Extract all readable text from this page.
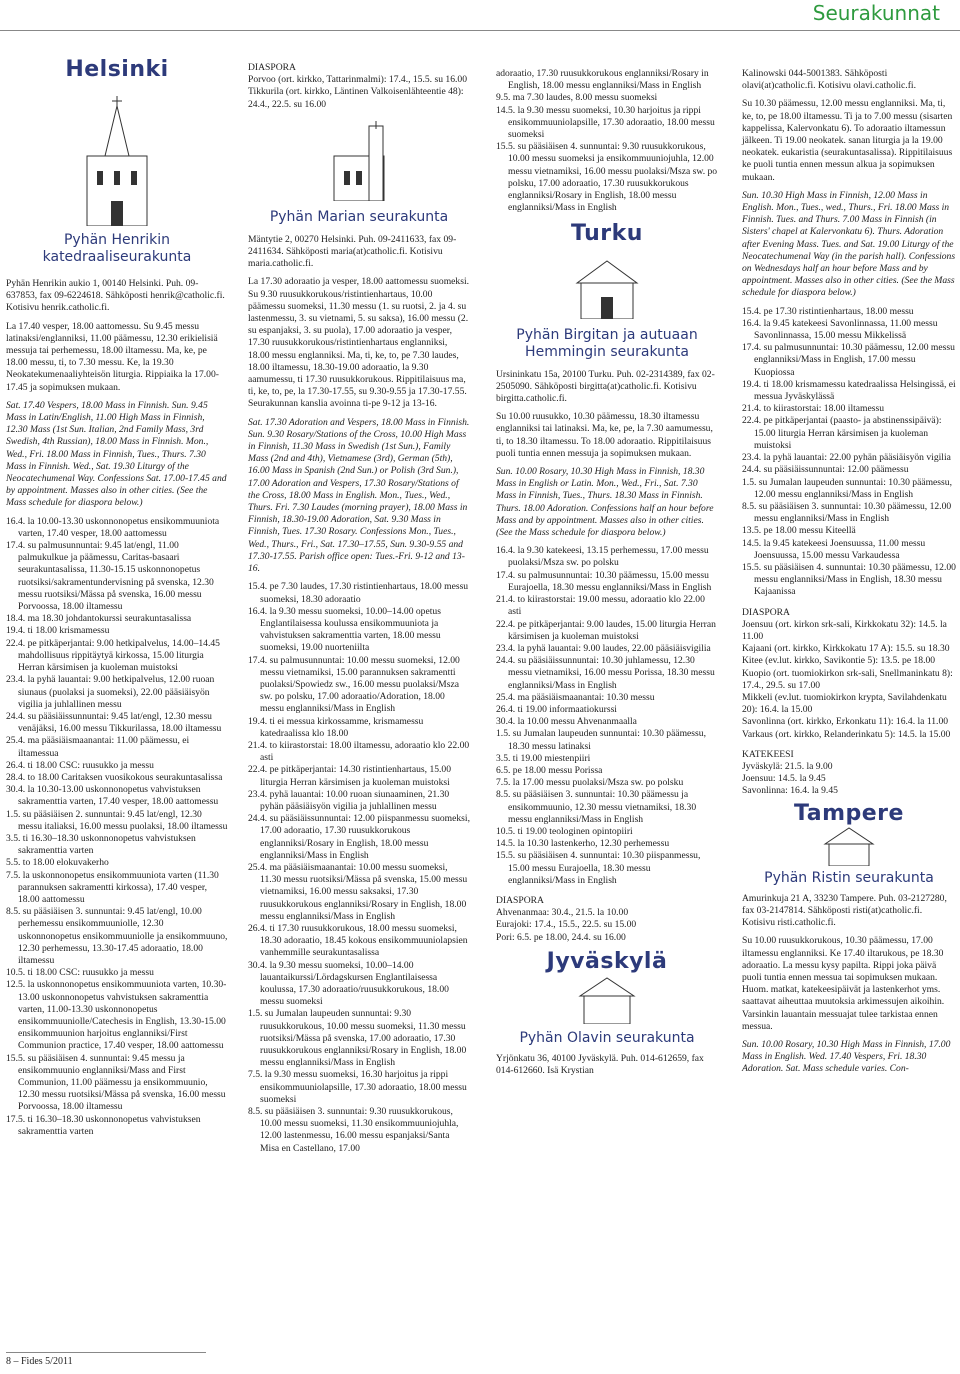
Seurakunnat
Helsinki
Pyhän Henrikin katedraaliseurakunta

Pyhän Henrikin aukio 1, 00140 Helsinki. Puh. 09-637853, fax 09-6224618. Sähköposti henrik@catholic.fi. Kotisivu henrik.catholic.fi.

La 17.40 vesper, 18.00 aattomessu. Su 9.45 messu latinaksi/englanniksi, 11.00 päämessu, 12.30 erikielisiä messuja tai perhemessu, 18.00 iltamessu. Ma, ke, pe 18.00 messu, ti, to 7.30 messu. Ke, la 19.30 Neokatekumenaaliyhteisön liturgia. Rippiaika la 17.00-17.45 ja sopimuksen mukaan.

Sat. 17.40 Vespers, 18.00 Mass in Finnish. Sun. 9.45 Mass in Latin/English, 11.00 High Mass in Finnish, 12.30 Mass (1st Sun. Italian, 2nd Family Mass, 3rd Swedish, 4th Russian), 18.00 Mass in Finnish. Mon., Wed., Fri. 18.00 Mass in Finnish, Tues., Thurs. 7.30 Mass in Finnish. Wed., Sat. 19.30 Liturgy of the Neocatechumenal Way. Confessions Sat. 17.00-17.45 and by appointment. Masses also in other cities. (See the Mass schedule for diaspora below.)

16.4. la 10.00-13.30 uskonnonopetus ensikommuuniota varten, 17.40 vesper, 18.00 aattomessu
17.4. su palmusunnuntai: 9.45 lat/engl, 11.00 palmukulkue ja päämessu, Caritas-basaari seurakuntasalissa, 11.30-15.15 uskonnonopetus ruotsiksi/sakramentundervisning på svenska, 12.30 messu ruotsiksi/Mässa på svenska, 16.00 messu Porvoossa, 18.00 iltamessu
18.4. ma 18.30 johdantokurssi seurakuntasalissa
19.4. ti 18.00 krismamessu
22.4. pe pitkäperjantai: 9.00 hetkipalvelus, 14.00–14.45 mahdollisuus rippitäytyä kirkossa, 15.00 liturgia Herran kärsimisen ja kuoleman muistoksi
23.4. la pyhä lauantai: 9.00 hetkipalvelus, 12.00 ruoan siunaus (puolaksi ja suomeksi), 22.00 pääsiäisyön vigilia ja juhlallinen messu
24.4. su pääsiäissunnuntai: 9.45 lat/engl, 12.30 messu venäjäksi, 16.00 messu Tikkurilassa, 18.00 iltamessu
25.4. ma pääsiäismaanantai: 11.00 päämessu, ei iltamessua
26.4. ti 18.00 CSC: ruusukko ja messu
28.4. to 18.00 Caritaksen vuosikokous seurakuntasalissa
30.4. la 10.30-13.00 uskonnonopetus vahvistuksen sakramenttia varten, 17.40 vesper, 18.00 aattomessu
1.5. su pääsiäisen 2. sunnuntai: 9.45 lat/engl, 12.30 messu italiaksi, 16.00 messu puolaksi, 18.00 iltamessu
3.5. ti 16.30–18.30 uskonnonopetus vahvistuksen sakramenttia varten
5.5. to 18.00 elokuvakerho
7.5. la uskonnonopetus ensikommuuniota varten (11.30 parannuksen sakramentti kirkossa), 17.40 vesper, 18.00 aattomessu
8.5. su pääsiäisen 3. sunnuntai: 9.45 lat/engl, 10.00 perhemessu ensikommuuniolle, 12.30 uskonnonopetus ensikommuuniolle ja ensikommuuno, 12.30 perhemessu, 13.30-17.45 adoraatio, 18.00 iltamessu
10.5. ti 18.00 CSC: ruusukko ja messu
12.5. la uskonnonopetus ensikommuuniota varten, 10.30-13.00 uskonnonopetus vahvistuksen sakramenttia varten, 11.00-13.30 uskonnonopetus ensikommuuniolle/Catechesis in English, 13.30-15.00 ensikommuunion harjoitus englanniksi/First Communion practice, 17.40 vesper, 18.00 aattomessu
15.5. su pääsiäisen 4. sunnuntai: 9.45 messu ja ensikommuunio englanniksi/Mass and First Communion, 11.00 päämessu ja ensikommuunio, 12.30 messu ruotsiksi/Mässa på svenska, 16.00 messu Porvoossa, 18.00 iltamessu
17.5. ti 16.30–18.30 uskonnonopetus vahvistuksen sakramenttia varten
DIASPORA

Porvoo (ort. kirkko, Tattarinmalmi): 17.4., 15.5. su 16.00 Tikkurila (ort. kirkko, Läntinen Valkoisenlähteentie 48): 24.4., 22.5. su 16.00

Pyhän Marian seurakunta

Mäntytie 2, 00270 Helsinki. Puh. 09-2411633, fax 09-2411634. Sähköposti maria(at)catholic.fi. Kotisivu maria.catholic.fi.

La 17.30 adoraatio ja vesper, 18.00 aattomessu suomeksi. Su 9.30 ruusukkorukous/ristintienhartaus, 10.00 päämessu suomeksi, 11.30 messu (1. su ruotsi, 2. ja 4. su lastenmessu, 3. su vietnami, 5. su saksa), 16.00 messu (2. su espanjaksi, 3. su puola), 17.00 adoraatio ja vesper, 17.30 ruusukkorukous/ristintienhartaus englanniksi, 18.00 messu englanniksi. Ma, ti, ke, to, pe 7.30 laudes, 18.00 iltamessu, 18.30-19.00 adoraatio, la 9.30 aamumessu, ti 17.30 ruusukkorukous. Rippitilaisuus ma, ti, ke, to, pe, la 17.30-17.55, su 9.30-9.55 ja 17.30-17.55. Seurakunnan kanslia avoinna ti-pe 9-12 ja 13-16.

Sat. 17.30 Adoration and Vespers, 18.00 Mass in Finnish. Sun. 9.30 Rosary/Stations of the Cross, 10.00 High Mass in Finnish, 11.30 Mass in Swedish (1st Sun.), Family Mass (2nd and 4th), Vietnamese (3rd), German (5th), 16.00 Mass in Spanish (2nd Sun.) or Polish (3rd Sun.), 17.00 Adoration and Vespers, 17.30 Rosary/Stations of the Cross, 18.00 Mass in English. Mon., Tues., Wed., Thurs. Fri. 7.30 Laudes (morning prayer), 18.00 Mass in Finnish, 18.30-19.00 Adoration, Sat. 9.30 Mass in Finnish, Tues. 17.30 Rosary. Confessions Mon., Tues., Wed., Thurs., Fri., Sat. 17.30–17.55, Sun. 9.30-9.55 and 17.30-17.55. Parish office open: Tues.-Fri. 9-12 and 13-16.

15.4. pe 7.30 laudes, 17.30 ristintienhartaus, 18.00 messu suomeksi, 18.30 adoraatio
16.4. la 9.30 messu suomeksi, 10.00–14.00 opetus Englantilaisessa koulussa ensikommuuniota ja vahvistuksen sakramenttia varten, 18.00 messu suomeksi, 19.00 nuorteniilta
17.4. su palmusunnuntai: 10.00 messu suomeksi, 12.00 messu vietnamiksi, 15.00 parannuksen sakramentti puolaksi/Spowiedz sw., 16.00 messu puolaksi/Msza sw. po polsku, 17.00 adoraatio/Adoration, 18.00 messu englanniksi/Mass in English
19.4. ti ei messua kirkossamme, krismamessu katedraalissa klo 18.00
21.4. to kiirastorstai: 18.00 iltamessu, adoraatio klo 22.00 asti
22.4. pe pitkäperjantai: 14.30 ristintienhartaus, 15.00 liturgia Herran kärsimisen ja kuoleman muistoksi
23.4. pyhä lauantai: 10.00 ruoan siunaaminen, 21.30 pyhän pääsiäisyön vigilia ja juhlallinen messu
24.4. su pääsiäissunnuntai: 12.00 piispanmessu suomeksi, 17.00 adoraatio, 17.30 ruusukkorukous englanniksi/Rosary in English, 18.00 messu englanniksi/Mass in English
25.4. ma pääsiäismaanantai: 10.00 messu suomeksi, 11.30 messu ruotsiksi/Mässa på svenska, 15.00 messu vietnamiksi, 16.00 messu saksaksi, 17.30 ruusukkorukous englanniksi/Rosary in English, 18.00 messu englanniksi/Mass in English
26.4. ti 17.30 ruusukkorukous, 18.00 messu suomeksi, 18.30 adoraatio, 18.45 kokous ensikommuuniolapsien vanhemmille seurakuntasalissa
30.4. la 9.30 messu suomeksi, 10.00–14.00 lauantaikurssi/Lördagskursen Englantilaisessa koulussa, 17.30 adoraatio/ruusukkorukous, 18.00 messu suomeksi
1.5. su Jumalan laupeuden sunnuntai: 9.30 ruusukkorukous, 10.00 messu suomeksi, 11.30 messu ruotsiksi/Mässa på svenska, 17.00 adoraatio, 17.30 ruusukkorukous englanniksi/Rosary in English, 18.00 messu englanniksi/Mass in English
7.5. la 9.30 messu suomeksi, 16.30 harjoitus ja rippi ensikommuuniolapsille, 17.30 adoraatio, 18.00 messu suomeksi
8.5. su pääsiäisen 3. sunnuntai: 9.30 ruusukkorukous, 10.00 messu suomeksi, 11.30 ensikommuuniojuhla, 12.00 lastenmessu, 16.00 messu espanjaksi/Santa Misa en Castellano, 17.00
adoraatio, 17.30 ruusukkorukous englanniksi/Rosary in English, 18.00 messu englanniksi/Mass in English
9.5. ma 7.30 laudes, 8.00 messu suomeksi
14.5. la 9.30 messu suomeksi, 10.30 harjoitus ja rippi ensikommuuniolapsille, 17.30 adoraatio, 18.00 messu suomeksi
15.5. su pääsiäisen 4. sunnuntai: 9.30 ruusukkorukous, 10.00 messu suomeksi ja ensikommuuniojuhla, 12.00 messu vietnamiksi, 16.00 messu puolaksi/Msza sw. po polsku, 17.00 adoraatio, 17.30 ruusukkorukous englanniksi/Rosary in English, 18.00 messu englanniksi/Mass in English
Turku
Pyhän Birgitan ja autuaan Hemmingin seurakunta

Ursininkatu 15a, 20100 Turku. Puh. 02-2314389, fax 02-2505090. Sähköposti birgitta(at)catholic.fi. Kotisivu birgitta.catholic.fi.

Su 10.00 ruusukko, 10.30 päämessu, 18.30 iltamessu englanniksi tai latinaksi. Ma, ke, pe, la 7.30 aamumessu, ti, to 18.30 iltamessu. To 18.00 adoraatio. Rippitilaisuus puoli tuntia ennen messuja ja sopimuksen mukaan.

Sun. 10.00 Rosary, 10.30 High Mass in Finnish, 18.30 Mass in English or Latin. Mon., Wed., Fri., Sat. 7.30 Mass in Finnish, Tues., Thurs. 18.30 Mass in Finnish. Thurs. 18.00 Adoration. Confessions half an hour before Mass and by appointment. Masses also in other cities. (See the Mass schedule for diaspora below.)

16.4. la 9.30 katekeesi, 13.15 perhemessu, 17.00 messu puolaksi/Msza sw. po polsku
17.4. su palmusunnuntai: 10.30 päämessu, 15.00 messu Eurajoella, 18.30 messu englanniksi/Mass in English
21.4. to kiirastorstai: 19.00 messu, adoraatio klo 22.00 asti
22.4. pe pitkäperjantai: 9.00 laudes, 15.00 liturgia Herran kärsimisen ja kuoleman muistoksi
23.4. la pyhä lauantai: 9.00 laudes, 22.00 pääsiäisvigilia
24.4. su pääsiäissunnuntai: 10.30 juhlamessu, 12.30 messu vietnamiksi, 16.00 messu Porissa, 18.30 messu englanniksi/Mass in English
25.4. ma pääsiäismaanantai: 10.30 messu
26.4. ti 19.00 informaatiokurssi
30.4. la 10.00 messu Ahvenanmaalla
1.5. su Jumalan laupeuden sunnuntai: 10.30 päämessu, 18.30 messu latinaksi
3.5. ti 19.00 miestenpiiri
6.5. pe 18.00 messu Porissa
7.5. la 17.00 messu puolaksi/Msza sw. po polsku
8.5. su pääsiäisen 3. sunnuntai: 10.30 päämessu ja ensikommuunio, 12.30 messu vietnamiksi, 18.30 messu englanniksi/Mass in English
10.5. ti 19.00 teologinen opintopiiri
14.5. la 10.30 lastenkerho, 12.30 perhemessu
15.5. su pääsiäisen 4. sunnuntai: 10.30 piispanmessu, 15.00 messu Eurajoella, 18.30 messu englanniksi/Mass in English
DIASPORA
Ahvenanmaa: 30.4., 21.5. la 10.00
Eurajoki: 17.4., 15.5., 22.5. su 15.00
Pori: 6.5. pe 18.00, 24.4. su 16.00
Jyväskylä
Pyhän Olavin seurakunta

Yrjönkatu 36, 40100 Jyväskylä. Puh. 014-612659, fax 014-612660. Isä Krystian

Kalinowski 044-5001383. Sähköposti olavi(at)catholic.fi. Kotisivu olavi.catholic.fi.

Su 10.30 päämessu, 12.00 messu englanniksi. Ma, ti, ke, to, pe 18.00 iltamessu. Ti ja to 7.00 messu (sisarten kappelissa, Kalervonkatu 6). To adoraatio iltamessun jälkeen. Ti 19.00 neokatek. sanan liturgia ja la 19.00 neokatek. eukaristia (seurakuntasalissa). Rippitilaisuus ke puoli tuntia ennen messun alkua ja sopimuksen mukaan.

Sun. 10.30 High Mass in Finnish, 12.00 Mass in English. Mon., Tues., wed., Thurs., Fri. 18.00 Mass in Finnish. Tues. and Thurs. 7.00 Mass in Finnish (in Sisters' chapel at Kalervonkatu 6). Thurs. Adoration after Evening Mass. Tues. and Sat. 19.00 Liturgy of the Neocatechumenal Way (in the parish hall). Confessions on Wednesdays half an hour before Mass and by appointment. Masses also in other cities. (See the Mass schedule for diaspora below.)

15.4. pe 17.30 ristintienhartaus, 18.00 messu
16.4. la 9.45 katekeesi Savonlinnassa, 11.00 messu Savonlinnassa, 15.00 messu Mikkelissä
17.4. su palmusunnuntai: 10.30 päämessu, 12.00 messu englanniksi/Mass in English, 17.00 messu Kuopiossa
19.4. ti 18.00 krismamessu katedraalissa Helsingissä, ei messua Jyväskylässä
21.4. to kiirastorstai: 18.00 iltamessu
22.4. pe pitkäperjantai (paasto- ja abstinenssipäivä): 15.00 liturgia Herran kärsimisen ja kuoleman muistoksi
23.4. la pyhä lauantai: 22.00 pyhän pääsiäisyön vigilia
24.4. su pääsiäissunnuntai: 12.00 päämessu
1.5. su Jumalan laupeuden sunnuntai: 10.30 päämessu, 12.00 messu englanniksi/Mass in English
8.5. su pääsiäisen 3. sunnuntai: 10.30 päämessu, 12.00 messu englanniksi/Mass in English
13.5. pe 18.00 messu Kiteellä
14.5. la 9.45 katekeesi Joensuussa, 11.00 messu Joensuussa, 15.00 messu Varkaudessa
15.5. su pääsiäisen 4. sunnuntai: 10.30 päämessu, 12.00 messu englanniksi/Mass in English, 18.30 messu Kajaanissa
DIASPORA
Joensuu (ort. kirkon srk-sali, Kirkkokatu 32): 14.5. la 11.00
Kajaani (ort. kirkko, Kirkkokatu 17 A): 15.5. su 18.30
Kitee (ev.lut. kirkko, Savikontie 5): 13.5. pe 18.00
Kuopio (ort. tuomiokirkon srk-sali, Snellmaninkatu 8): 17.4., 29.5. su 17.00
Mikkeli (ev.lut. tuomiokirkon krypta, Savilahdenkatu 20): 16.4. la 15.00
Savonlinna (ort. kirkko, Erkonkatu 11): 16.4. la 11.00
Varkaus (ort. kirkko, Relanderinkatu 5): 14.5. la 15.00
KATEKEESI
Jyväskylä: 21.5. la 9.00
Joensuu: 14.5. la 9.45
Savonlinna: 16.4. la 9.45
Tampere
Pyhän Ristin seurakunta

Amurinkuja 21 A, 33230 Tampere. Puh. 03-2127280, fax 03-2147814. Sähköposti risti(at)catholic.fi. Kotisivu risti.catholic.fi.

Su 10.00 ruusukkorukous, 10.30 päämessu, 17.00 iltamessu englanniksi. Ke 17.40 iltarukous, pe 18.30 adoraatio. La messu kysy papilta. Rippi joka päivä puoli tuntia ennen messua tai sopimuksen mukaan. Huom. matkat, katekeesipäivät ja lastenkerhot yms. saattavat aiheuttaa muutoksia arkimessujen aikoihin. Varsinkin lauantain messuajat tulee tarkistaa ennen messua.

Sun. 10.00 Rosary, 10.30 High Mass in Finnish, 17.00 Mass in English. Wed. 17.40 Vespers, Fri. 18.30 Adoration. Sat. Mass schedule varies. Con-

8 – Fides 5/2011
